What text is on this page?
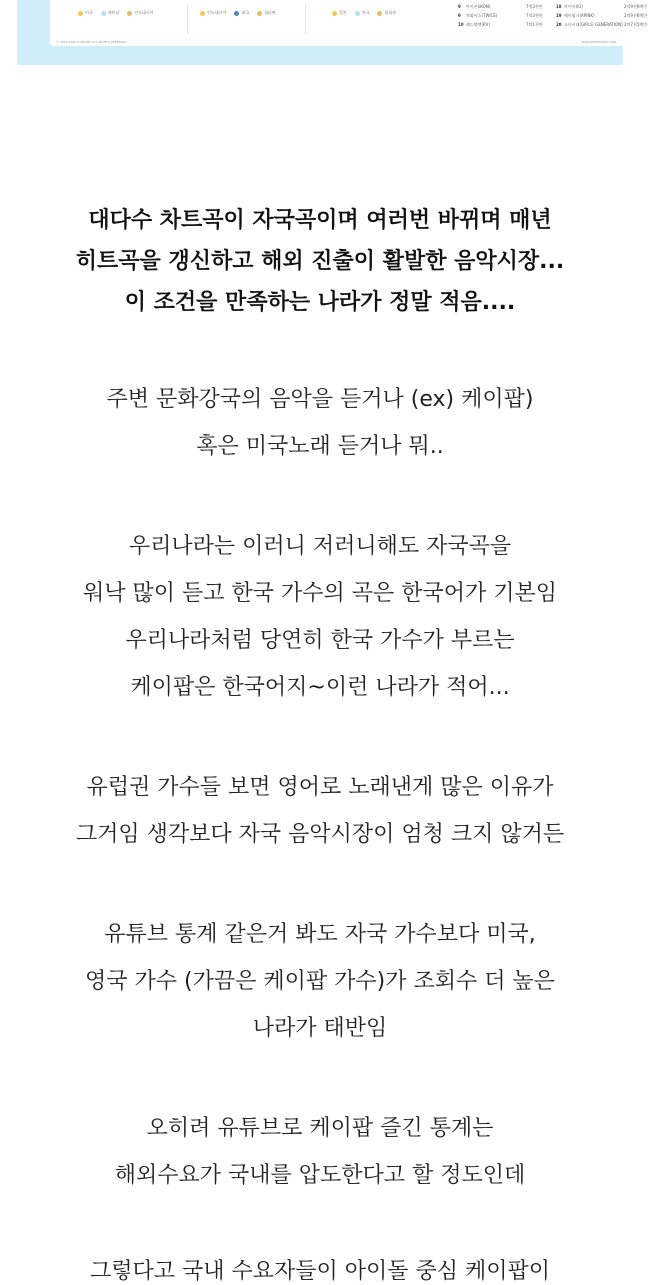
미국	베트남	인도네시아	인도네시아	태국	필리핀	일본	한국	필리핀
9	아이콘(iKON)	7억3천만	18 아이유(IU)	2억9천6백만
9	트와이스(TWICE)	7억3천만	19 에이핑크(APINK)	2억9천6백만
10 레드벨벳(RV)	7억1천만	20 소녀시대(GIRLS' GENERATION) 2억7천5백만
© 2019 SPIN COUNTRY. ALL RIGHTS RESERVED	WWW.KPOPSIGNS.COM
대다수 차트곡이 자국곡이며 여러번 바뀌며 매년
히트곡을 갱신하고 해외 진출이 활발한 음악시장...
이 조건을 만족하는 나라가 정말 적음....
주변 문화강국의 음악을 듣거나 (ex) 케이팝)
혹은 미국노래 듣거나 뭐..
우리나라는 이러니 저러니해도 자국곡을
워낙 많이 듣고 한국 가수의 곡은 한국어가 기본임
우리나라처럼 당연히 한국 가수가 부르는
케이팝은 한국어지~이런 나라가 적어...
유럽권 가수들 보면 영어로 노래낸게 많은 이유가
그거임 생각보다 자국 음악시장이 엄청 크지 않거든
유튜브 통계 같은거 봐도 자국 가수보다 미국,
영국 가수 (가끔은 케이팝 가수)가 조회수 더 높은
나라가 태반임
오히려 유튜브로 케이팝 즐긴 통계는
해외수요가 국내를 압도한다고 할 정도인데
그렇다고 국내 수요자들이 아이돌 중심 케이팝이
